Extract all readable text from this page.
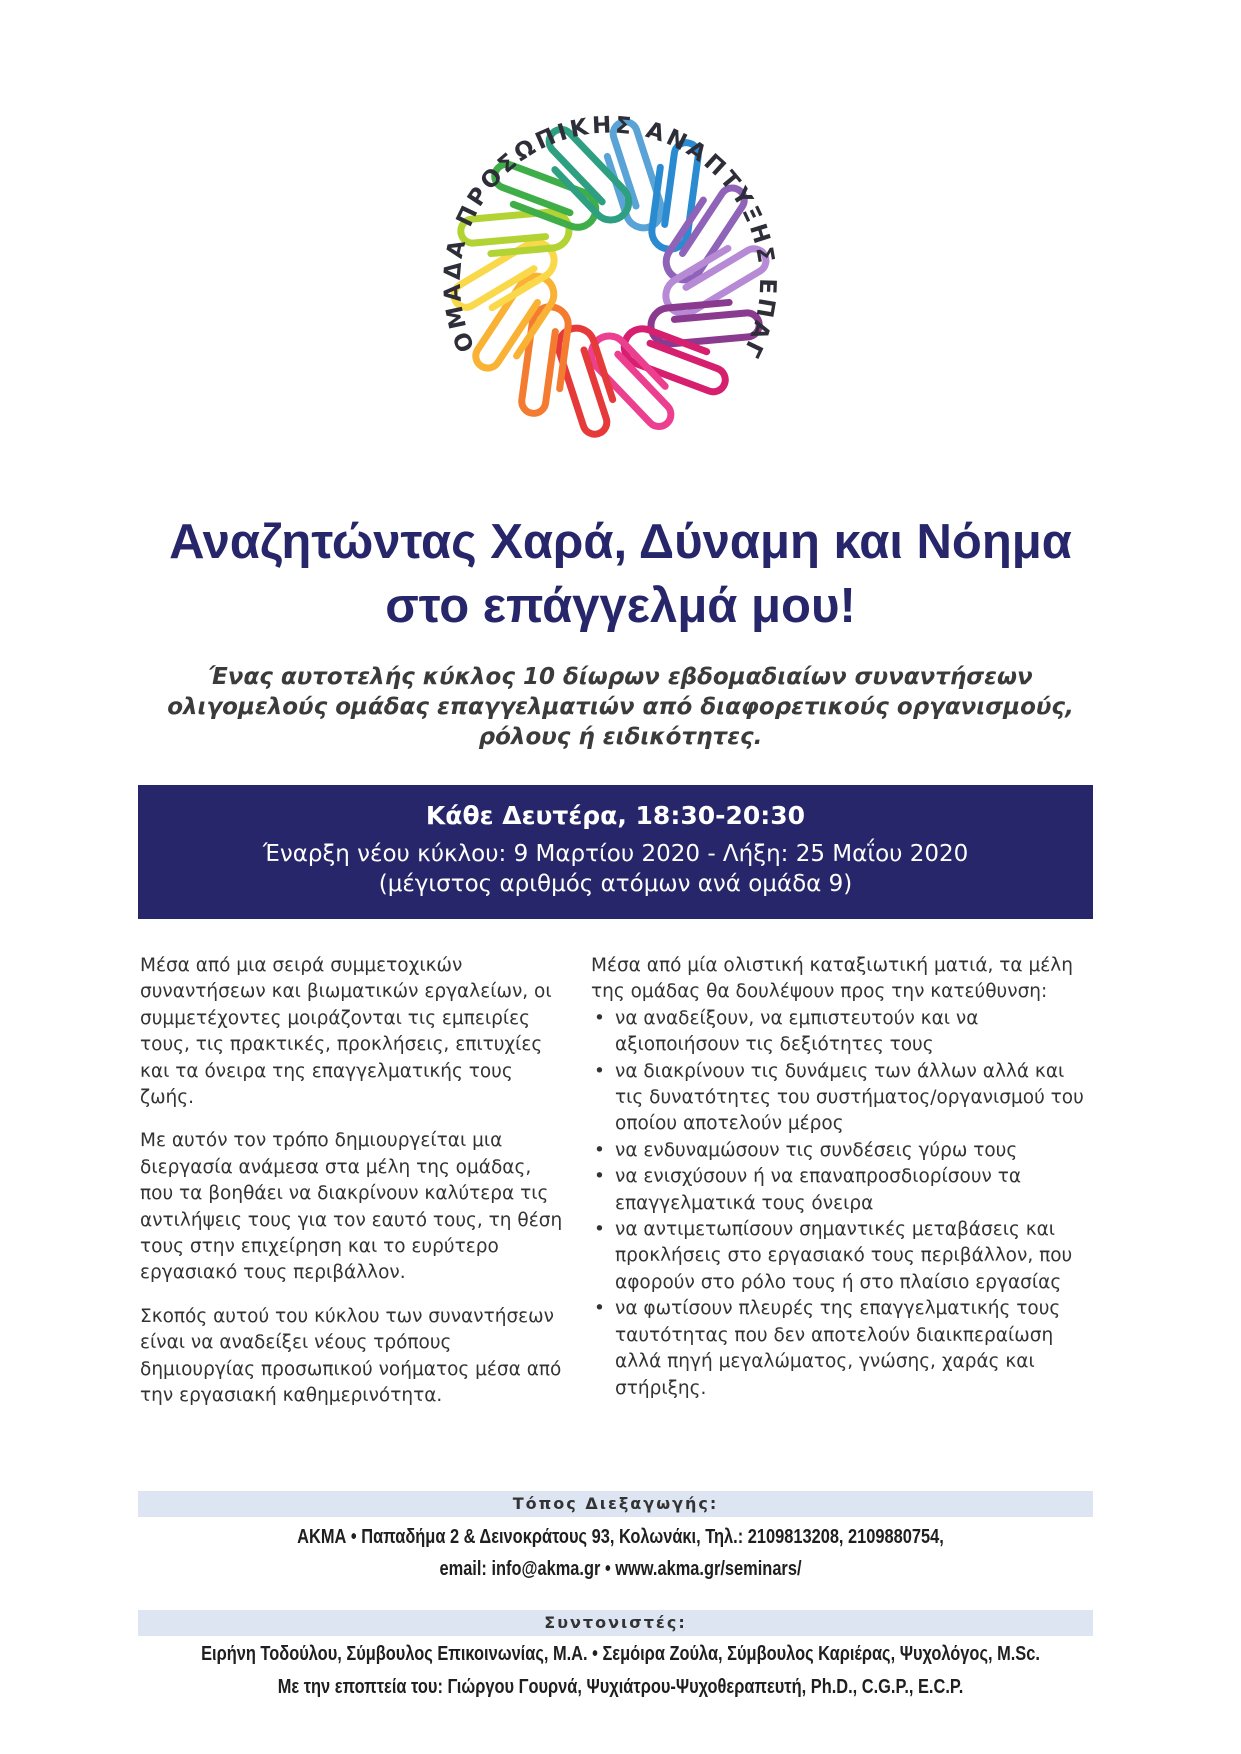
ΟΜΑΔΑ ΠΡΟΣΩΠΙΚΗΣ ΑΝΑΠΤΥΞΗΣ ΕΠΑΓ
Αναζητώντας Χαρά, Δύναμη και Νόημα
στο επάγγελμά μου!
Ένας αυτοτελής κύκλος 10 δίωρων εβδομαδιαίων συναντήσεων
ολιγομελούς ομάδας επαγγελματιών από διαφορετικούς οργανισμούς,
ρόλους ή ειδικότητες.
Κάθε Δευτέρα, 18:30-20:30
Έναρξη νέου κύκλου: 9 Μαρτίου 2020 - Λήξη: 25 Μαΐου 2020
(μέγιστος αριθμός ατόμων ανά ομάδα 9)

Μέσα από μια σειρά συμμετοχικών συναντήσεων και βιωματικών εργαλείων, οι συμμετέχοντες μοιράζονται τις εμπειρίες τους, τις πρακτικές, προκλήσεις, επιτυχίες και τα όνειρα της επαγγελματικής τους ζωής.

Με αυτόν τον τρόπο δημιουργείται μια διεργασία ανάμεσα στα μέλη της ομάδας, που τα βοηθάει να διακρίνουν καλύτερα τις αντιλήψεις τους για τον εαυτό τους, τη θέση τους στην επιχείρηση και το ευρύτερο εργασιακό τους περιβάλλον.

Σκοπός αυτού του κύκλου των συναντήσεων είναι να αναδείξει νέους τρόπους δημιουργίας προσωπικού νοήματος μέσα από την εργασιακή καθημερινότητα.

Μέσα από μία ολιστική καταξιωτική ματιά, τα μέλη της ομάδας θα δουλέψουν προς την κατεύθυνση:
• να αναδείξουν, να εμπιστευτούν και να αξιοποιήσουν τις δεξιότητες τους
• να διακρίνουν τις δυνάμεις των άλλων αλλά και τις δυνατότητες του συστήματος/οργανισμού του οποίου αποτελούν μέρος
• να ενδυναμώσουν τις συνδέσεις γύρω τους
• να ενισχύσουν ή να επαναπροσδιορίσουν τα επαγγελματικά τους όνειρα
• να αντιμετωπίσουν σημαντικές μεταβάσεις και προκλήσεις στο εργασιακό τους περιβάλλον, που αφορούν στο ρόλο τους ή στο πλαίσιο εργασίας
• να φωτίσουν πλευρές της επαγγελματικής τους ταυτότητας που δεν αποτελούν διαικπεραίωση αλλά πηγή μεγαλώματος, γνώσης, χαράς και στήριξης.
Τόπος Διεξαγωγής:
ΑΚΜΑ • Παπαδήμα 2 & Δεινοκράτους 93, Κολωνάκι, Τηλ.: 2109813208, 2109880754,
email: info@akma.gr • www.akma.gr/seminars/
Συντονιστές:
Ειρήνη Τοδούλου, Σύμβουλος Επικοινωνίας, M.A. • Σεμόιρα Ζούλα, Σύμβουλος Καριέρας, Ψυχολόγος, M.Sc.
Με την εποπτεία του: Γιώργου Γουρνά, Ψυχιάτρου-Ψυχοθεραπευτή, Ph.D., C.G.P., E.C.P.
